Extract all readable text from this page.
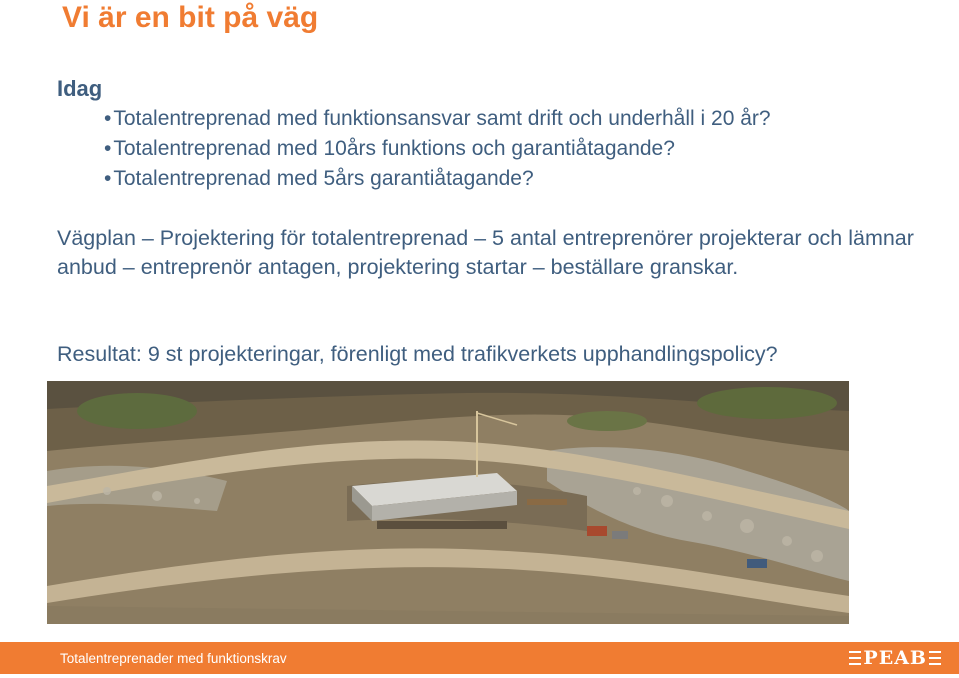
Vi är en bit på väg
Idag
• Totalentreprenad med funktionsansvar samt drift och underhåll i 20 år?
• Totalentreprenad med 10års funktions och garantiåtagande?
• Totalentreprenad med 5års garantiåtagande?
Vägplan – Projektering för totalentreprenad – 5 antal entreprenörer projekterar och lämnar anbud – entreprenör antagen, projektering startar – beställare granskar.
Resultat: 9 st projekteringar, förenligt med trafikverkets upphandlingspolicy?
Totalentreprenader med funktionskrav	PEAB
